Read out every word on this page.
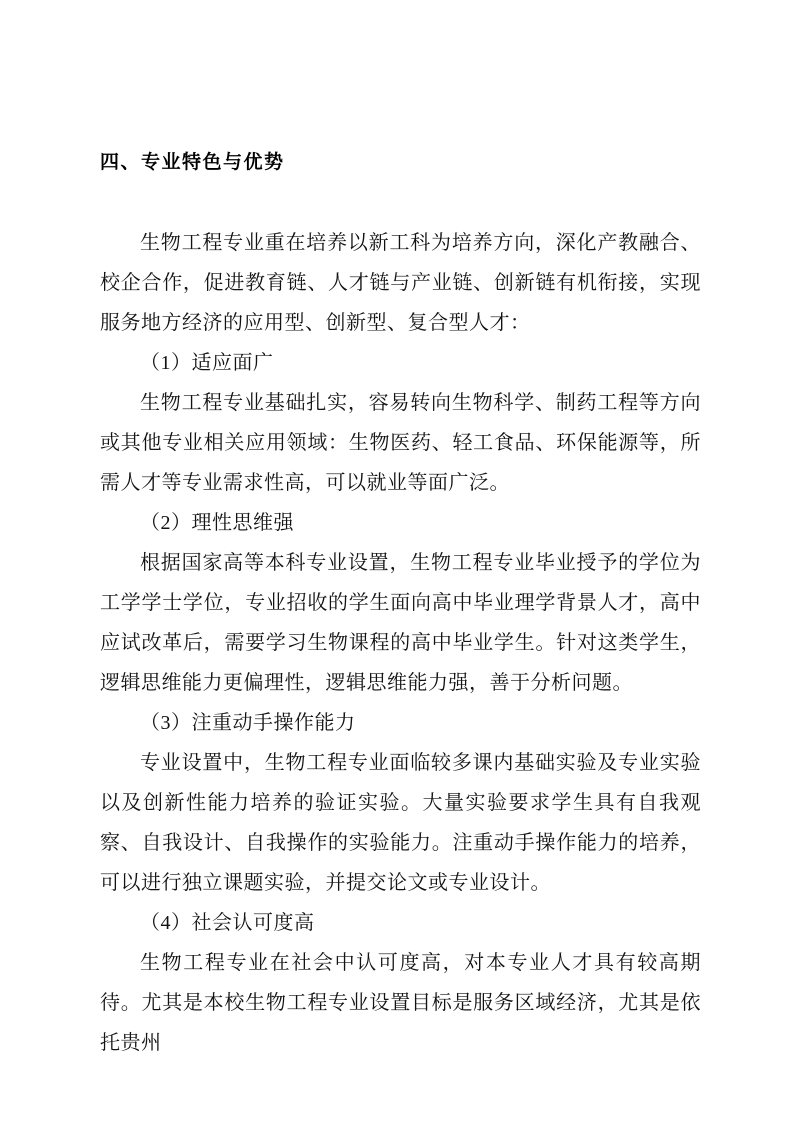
四、专业特色与优势

生物工程专业重在培养以新工科为培养方向，深化产教融合、校企合作，促进教育链、人才链与产业链、创新链有机衔接，实现服务地方经济的应用型、创新型、复合型人才：

（1）适应面广

生物工程专业基础扎实，容易转向生物科学、制药工程等方向或其他专业相关应用领域：生物医药、轻工食品、环保能源等，所需人才等专业需求性高，可以就业等面广泛。

（2）理性思维强

根据国家高等本科专业设置，生物工程专业毕业授予的学位为工学学士学位，专业招收的学生面向高中毕业理学背景人才，高中应试改革后，需要学习生物课程的高中毕业学生。针对这类学生，逻辑思维能力更偏理性，逻辑思维能力强，善于分析问题。

（3）注重动手操作能力

专业设置中，生物工程专业面临较多课内基础实验及专业实验以及创新性能力培养的验证实验。大量实验要求学生具有自我观察、自我设计、自我操作的实验能力。注重动手操作能力的培养，可以进行独立课题实验，并提交论文或专业设计。

（4）社会认可度高

生物工程专业在社会中认可度高，对本专业人才具有较高期待。尤其是本校生物工程专业设置目标是服务区域经济，尤其是依托贵州
